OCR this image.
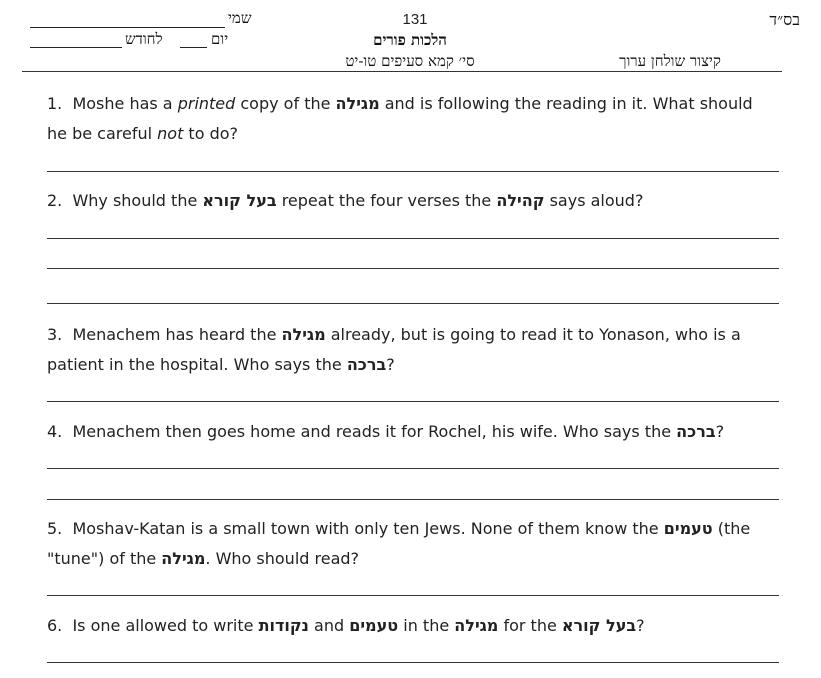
בס״ד
131
שמי
לחודש	יום	הלכות פורים
סי׳ קמא סעיפים טו-יט	קיצור שולחן ערוך
1. Moshe has a printed copy of the מגילה and is following the reading in it. What should he be careful not to do?
2. Why should the בעל קורא repeat the four verses the קהילה says aloud?
3. Menachem has heard the מגילה already, but is going to read it to Yonason, who is a patient in the hospital. Who says the ברכה?
4. Menachem then goes home and reads it for Rochel, his wife. Who says the ברכה?
5. Moshav-Katan is a small town with only ten Jews. None of them know the טעמים (the "tune") of the מגילה. Who should read?
6. Is one allowed to write נקודות and טעמים in the מגילה for the בעל קורא?
